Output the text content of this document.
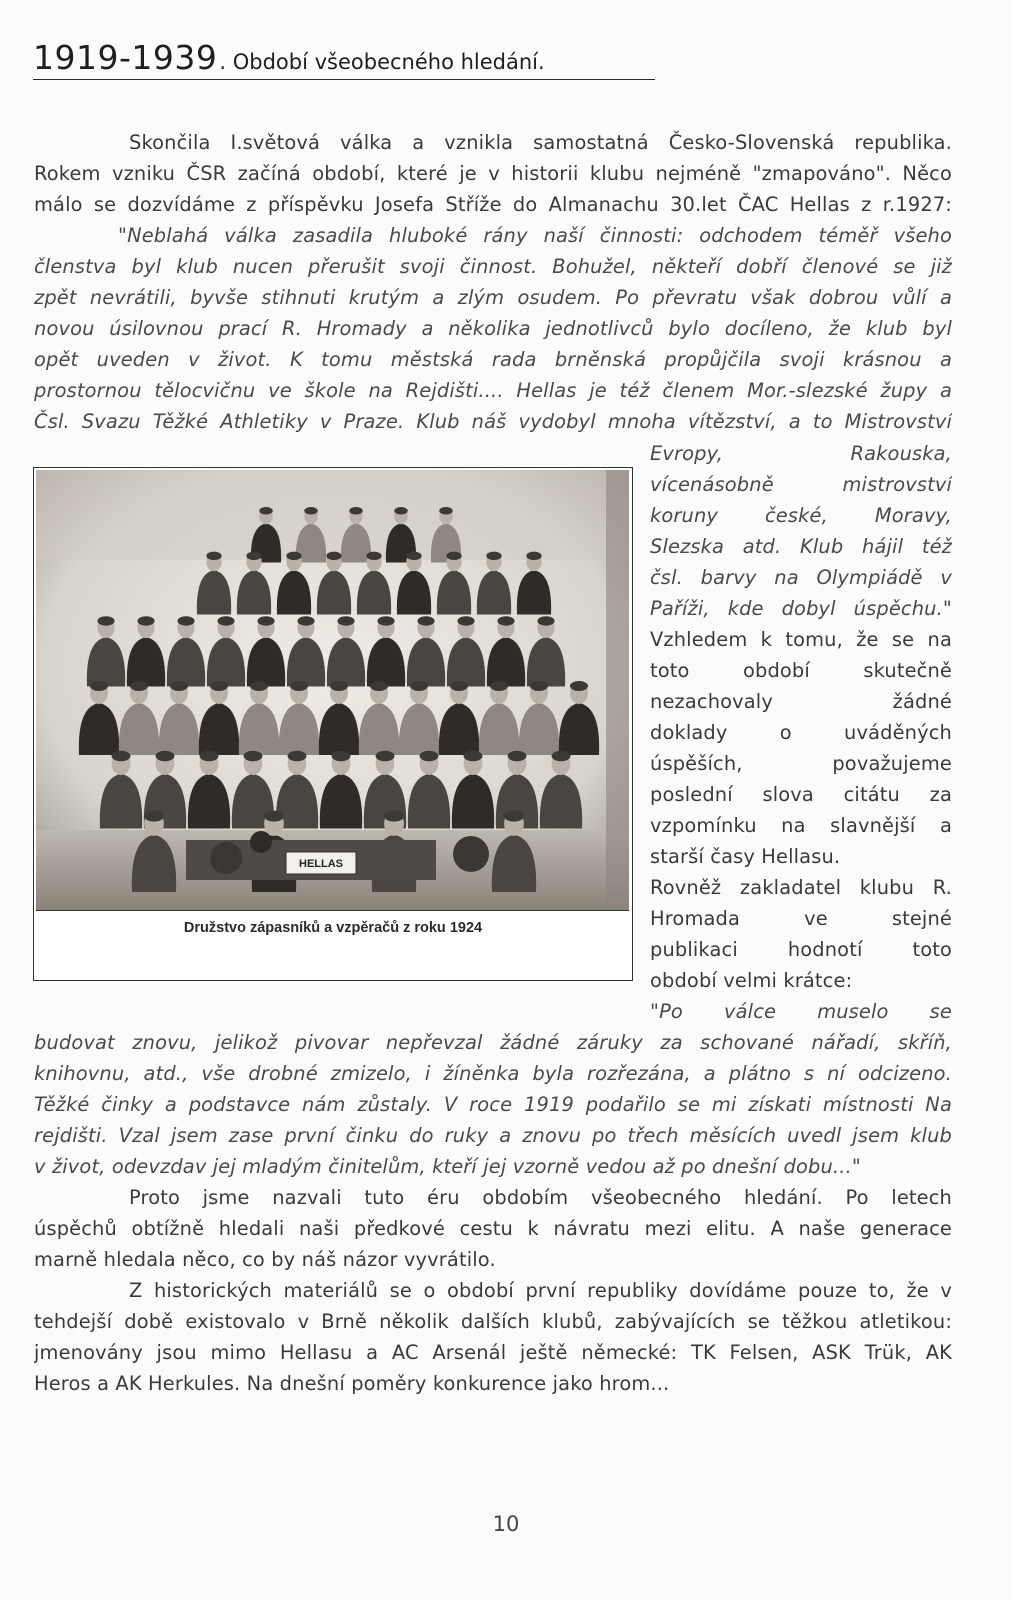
1919-1939. Období všeobecného hledání.
Skončila I.světová válka a vznikla samostatná Česko-Slovenská republika.
Rokem vzniku ČSR začíná období, které je v historii klubu nejméně "zmapováno". Něco
málo se dozvídáme z příspěvku Josefa Stříže do Almanachu 30.let ČAC Hellas z r.1927:
"Neblahá válka zasadila hluboké rány naší činnosti: odchodem téměř všeho
členstva byl klub nucen přerušit svoji činnost. Bohužel, někteří dobří členové se již
zpět nevrátili, byvše stihnuti krutým a zlým osudem. Po převratu však dobrou vůlí a
novou úsilovnou prací R. Hromady a několika jednotlivců bylo docíleno, že klub byl
opět uveden v život. K tomu městská rada brněnská propůjčila svoji krásnou a
prostornou tělocvičnu ve škole na Rejdišti.... Hellas je též členem Mor.-slezské župy a
Čsl. Svazu Těžké Athletiky v Praze. Klub náš vydobyl mnoha vítězství, a to Mistrovství
HELLAS
Družstvo zápasníků a vzpěračů z roku 1924
Evropy, Rakouska,
vícenásobně mistrovství
koruny české, Moravy,
Slezska atd. Klub hájil též
čsl. barvy na Olympiádě v
Paříži, kde dobyl úspěchu."
Vzhledem k tomu, že se na
toto období skutečně
nezachovaly žádné
doklady o uváděných
úspěších, považujeme
poslední slova citátu za
vzpomínku na slavnější a
starší časy Hellasu.
Rovněž zakladatel klubu R.
Hromada ve stejné
publikaci hodnotí toto
období velmi krátce:
"Po válce muselo se
budovat znovu, jelikož pivovar nepřevzal žádné záruky za schované nářadí, skříň,
knihovnu, atd., vše drobné zmizelo, i žíněnka byla rozřezána, a plátno s ní odcizeno.
Těžké činky a podstavce nám zůstaly. V roce 1919 podařilo se mi získati místnosti Na
rejdišti. Vzal jsem zase první činku do ruky a znovu po třech měsících uvedl jsem klub
v život, odevzdav jej mladým činitelům, kteří jej vzorně vedou až po dnešní dobu..."
Proto jsme nazvali tuto éru obdobím všeobecného hledání. Po letech
úspěchů obtížně hledali naši předkové cestu k návratu mezi elitu. A naše generace
marně hledala něco, co by náš názor vyvrátilo.
Z historických materiálů se o období první republiky dovídáme pouze to, že v
tehdejší době existovalo v Brně několik dalších klubů, zabývajících se těžkou atletikou:
jmenovány jsou mimo Hellasu a AC Arsenál ještě německé: TK Felsen, ASK Trük, AK
Heros a AK Herkules. Na dnešní poměry konkurence jako hrom...
10
